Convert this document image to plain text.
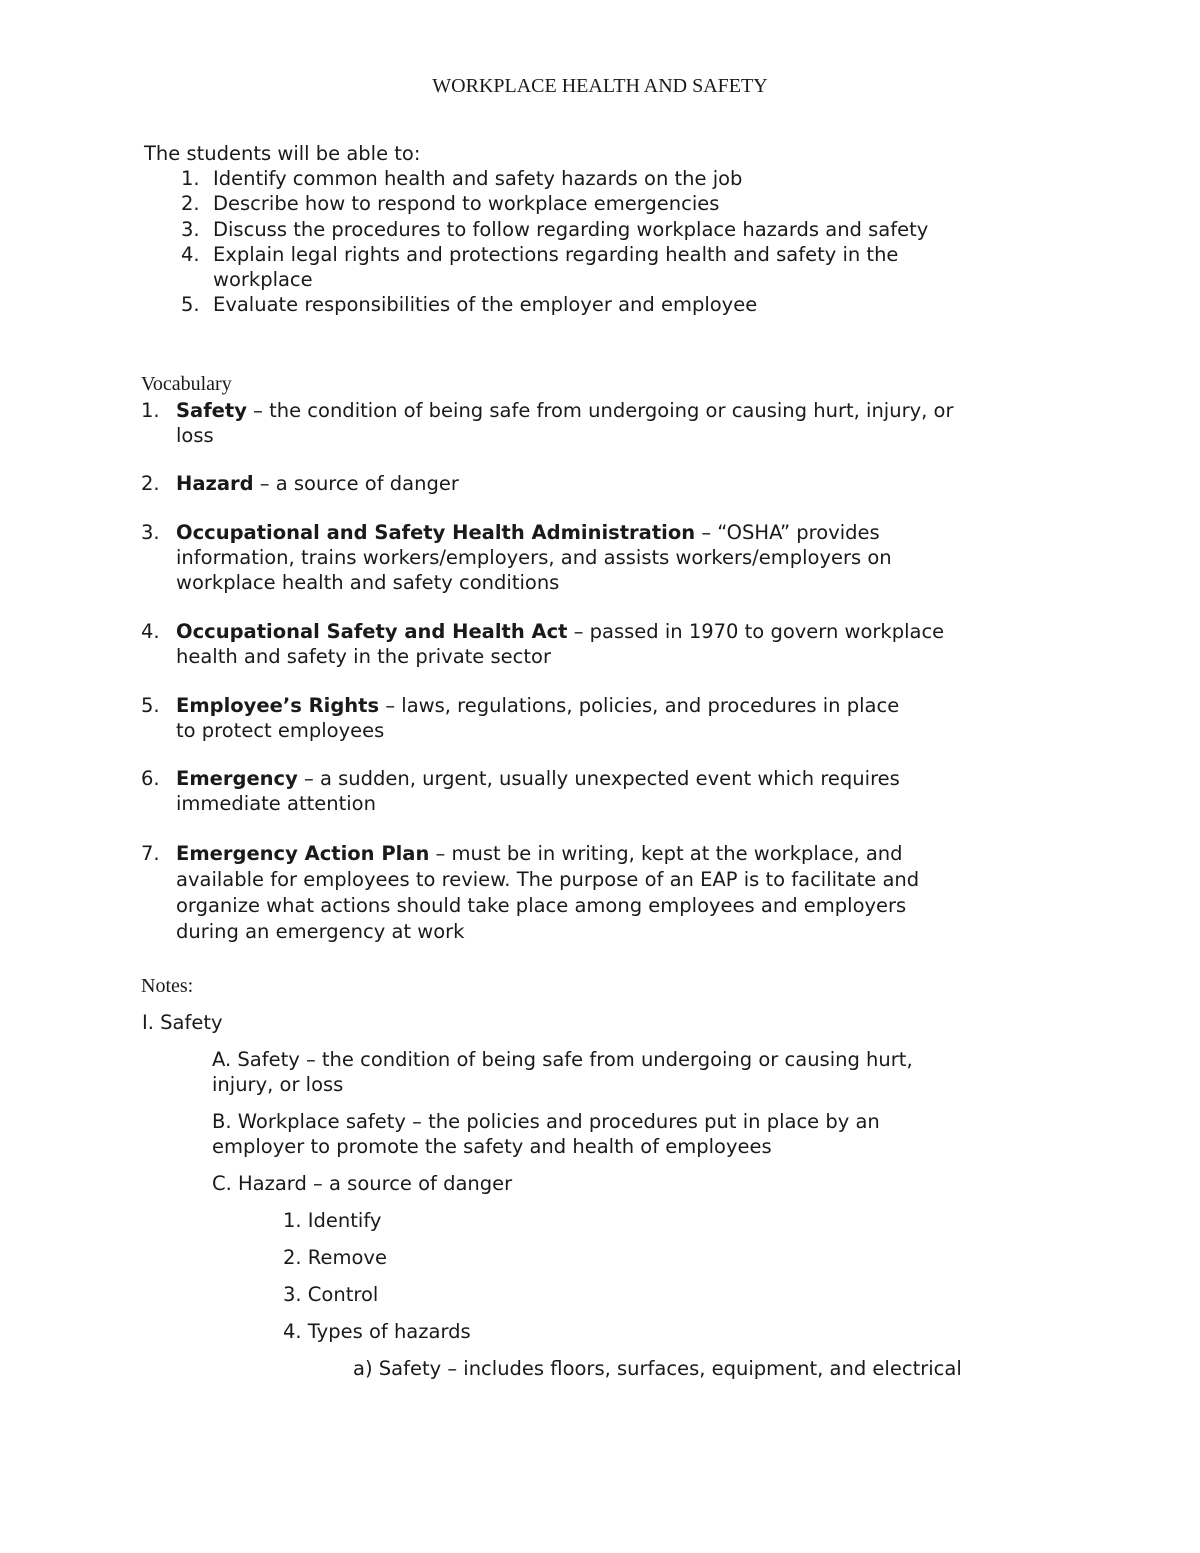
WORKPLACE HEALTH AND SAFETY
The students will be able to:
1. Identify common health and safety hazards on the job
2. Describe how to respond to workplace emergencies
3. Discuss the procedures to follow regarding workplace hazards and safety
4. Explain legal rights and protections regarding health and safety in the
workplace
5. Evaluate responsibilities of the employer and employee
Vocabulary
1. Safety – the condition of being safe from undergoing or causing hurt, injury, or
loss
2. Hazard – a source of danger
3. Occupational and Safety Health Administration – “OSHA” provides
information, trains workers/employers, and assists workers/employers on
workplace health and safety conditions
4. Occupational Safety and Health Act – passed in 1970 to govern workplace
health and safety in the private sector
5. Employee’s Rights – laws, regulations, policies, and procedures in place
to protect employees
6. Emergency – a sudden, urgent, usually unexpected event which requires
immediate attention
7. Emergency Action Plan – must be in writing, kept at the workplace, and
available for employees to review. The purpose of an EAP is to facilitate and
organize what actions should take place among employees and employers
during an emergency at work
Notes:
I. Safety
A. Safety – the condition of being safe from undergoing or causing hurt,
injury, or loss
B. Workplace safety – the policies and procedures put in place by an
employer to promote the safety and health of employees
C. Hazard – a source of danger
1. Identify
2. Remove
3. Control
4. Types of hazards
a) Safety – includes floors, surfaces, equipment, and electrical
